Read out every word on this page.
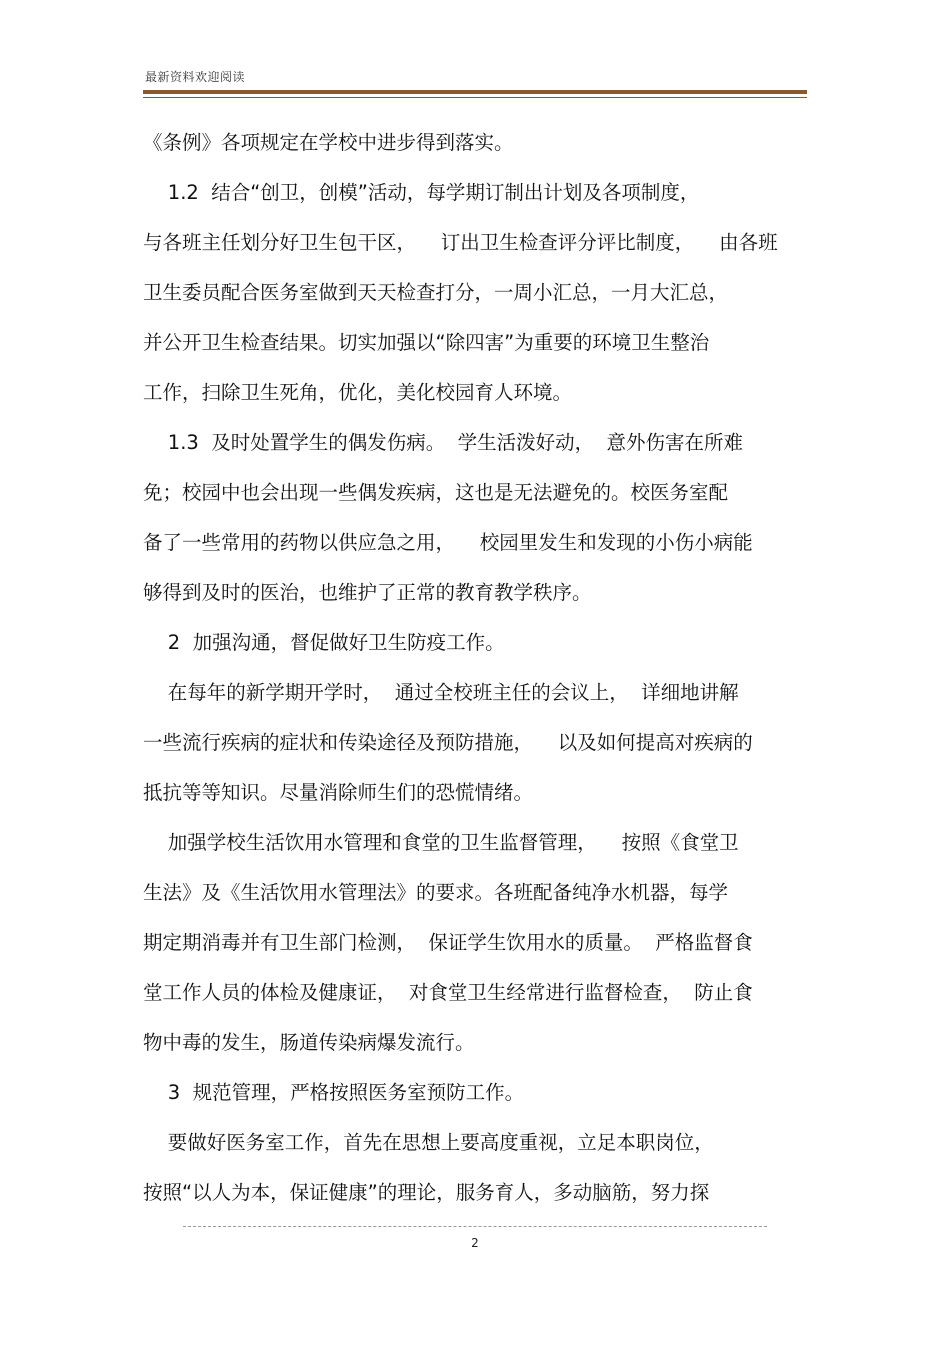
最新资料欢迎阅读
《条例》各项规定在学校中进步得到落实。
1.2  结合“创卫，创模”活动，每学期订制出计划及各项制度，
与各班主任划分好卫生包干区，    订出卫生检查评分评比制度，    由各班
卫生委员配合医务室做到天天检查打分，一周小汇总，一月大汇总，
并公开卫生检查结果。切实加强以“除四害”为重要的环境卫生整治
工作，扫除卫生死角，优化，美化校园育人环境。
1.3  及时处置学生的偶发伤病。  学生活泼好动，  意外伤害在所难
免；校园中也会出现一些偶发疾病，这也是无法避免的。校医务室配
备了一些常用的药物以供应急之用，    校园里发生和发现的小伤小病能
够得到及时的医治，也维护了正常的教育教学秩序。
2  加强沟通，督促做好卫生防疫工作。
在每年的新学期开学时，  通过全校班主任的会议上，  详细地讲解
一些流行疾病的症状和传染途径及预防措施，    以及如何提高对疾病的
抵抗等等知识。尽量消除师生们的恐慌情绪。
加强学校生活饮用水管理和食堂的卫生监督管理，    按照《食堂卫
生法》及《生活饮用水管理法》的要求。各班配备纯净水机器，每学
期定期消毒并有卫生部门检测，  保证学生饮用水的质量。  严格监督食
堂工作人员的体检及健康证，  对食堂卫生经常进行监督检查，  防止食
物中毒的发生，肠道传染病爆发流行。
3  规范管理，严格按照医务室预防工作。
要做好医务室工作，首先在思想上要高度重视，立足本职岗位，
按照“以人为本，保证健康”的理论，服务育人，多动脑筋，努力探
2
